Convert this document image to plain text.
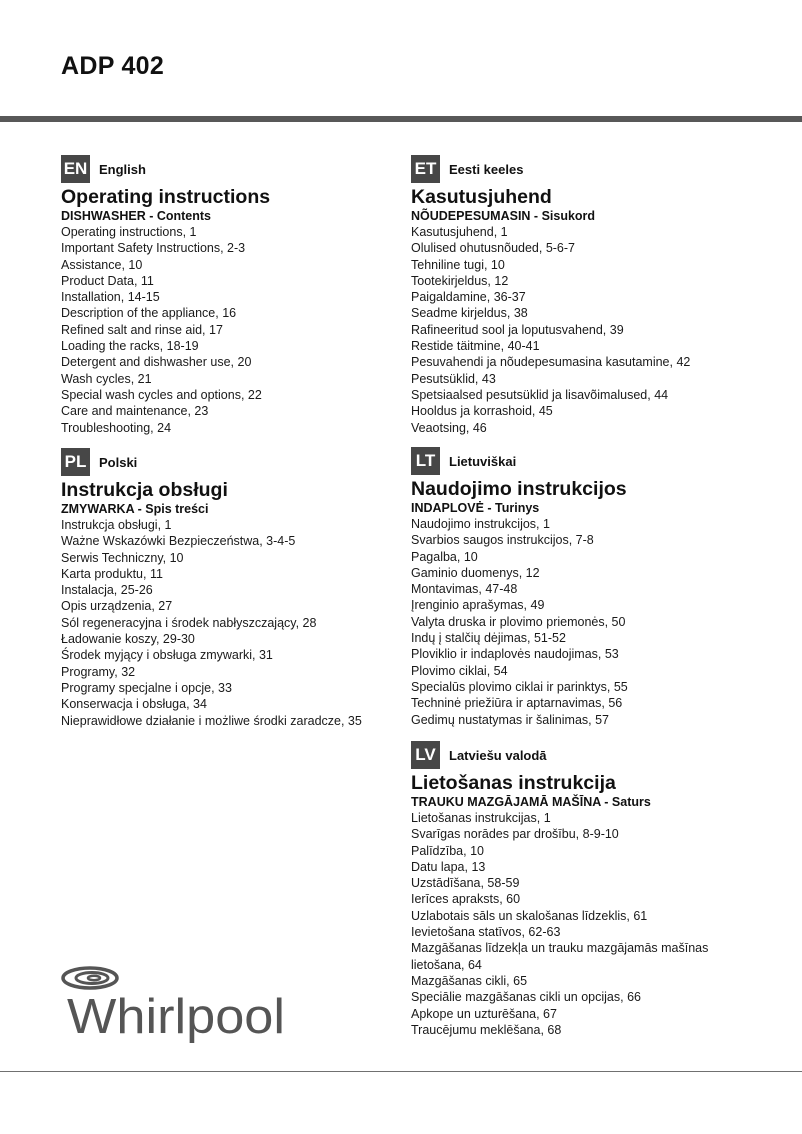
ADP 402
EN English
Operating instructions
DISHWASHER - Contents
Operating instructions, 1
Important Safety Instructions, 2-3
Assistance, 10
Product Data, 11
Installation, 14-15
Description of the appliance, 16
Refined salt and rinse aid, 17
Loading the racks, 18-19
Detergent and dishwasher use, 20
Wash cycles, 21
Special wash cycles and options, 22
Care and maintenance, 23
Troubleshooting, 24
PL Polski
Instrukcja obsługi
ZMYWARKA - Spis treści
Instrukcja obsługi, 1
Ważne Wskazówki Bezpieczeństwa, 3-4-5
Serwis Techniczny, 10
Karta produktu, 11
Instalacja, 25-26
Opis urządzenia, 27
Sól regeneracyjna i środek nabłyszczający, 28
Ładowanie koszy, 29-30
Środek myjący i obsługa zmywarki, 31
Programy, 32
Programy specjalne i opcje, 33
Konserwacja i obsługa, 34
Nieprawidłowe działanie i możliwe środki zaradcze, 35
ET Eesti keeles
Kasutusjuhend
NÕUDEPESUMASIN - Sisukord
Kasutusjuhend, 1
Olulised ohutusnõuded, 5-6-7
Tehniline tugi, 10
Tootekirjeldus, 12
Paigaldamine, 36-37
Seadme kirjeldus, 38
Rafineeritud sool ja loputusvahend, 39
Restide täitmine, 40-41
Pesuvahendi ja nõudepesumasina kasutamine, 42
Pesutsüklid, 43
Spetsiaalsed pesutsüklid ja lisavõimalused, 44
Hooldus ja korrashoid, 45
Veaotsing, 46
LT	Lietuviškai
Naudojimo instrukcijos
INDAPLOVĖ - Turinys
Naudojimo instrukcijos, 1
Svarbios saugos instrukcijos, 7-8
Pagalba, 10
Gaminio duomenys, 12
Montavimas, 47-48
Įrenginio aprašymas, 49
Valyta druska ir plovimo priemonės, 50
Indų į stalčių dėjimas, 51-52
Ploviklio ir indaplovės naudojimas, 53
Plovimo ciklai, 54
Specialūs plovimo ciklai ir parinktys, 55
Techninė priežiūra ir aptarnavimas, 56
Gedimų nustatymas ir šalinimas, 57
LV	Latviešu valodā
Lietošanas instrukcija
TRAUKU MAZGĀJAMĀ MAŠĪNA - Saturs
Lietošanas instrukcijas, 1
Svarīgas norādes par drošību, 8-9-10
Palīdzība, 10
Datu lapa, 13
Uzstādīšana, 58-59
Ierīces apraksts, 60
Uzlabotais sāls un skalošanas līdzeklis, 61
Ievietošana statīvos, 62-63
Mazgāšanas līdzekļa un trauku mazgājamās mašīnas lietošana, 64
Mazgāšanas cikli, 65
Speciālie mazgāšanas cikli un opcijas, 66
Apkope un uzturēšana, 67
Traucējumu meklēšana, 68
Whirlpool
